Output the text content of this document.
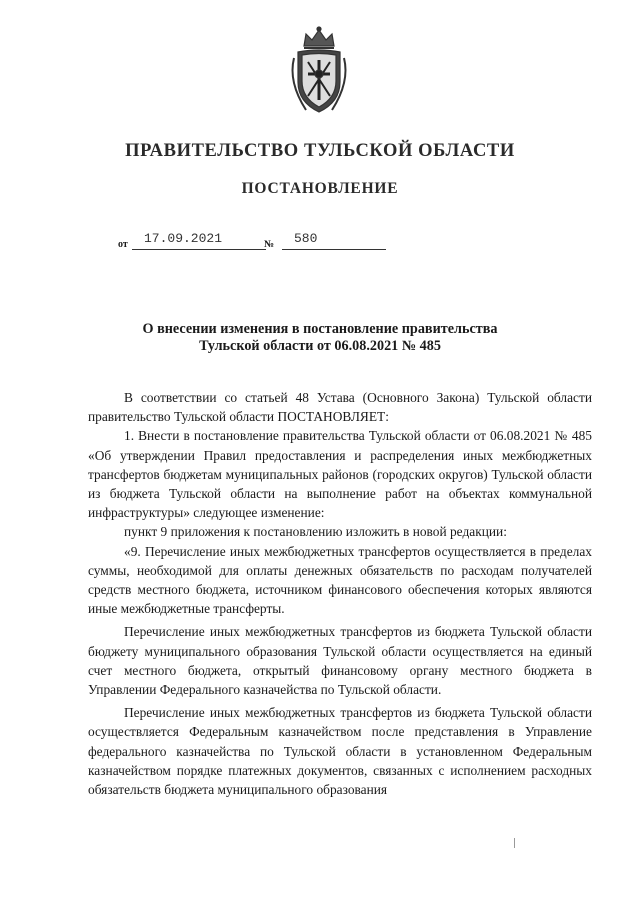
ПРАВИТЕЛЬСТВО ТУЛЬСКОЙ ОБЛАСТИ
ПОСТАНОВЛЕНИЕ
от	17.09.2021	№	580
О внесении изменения в постановление правительства
Тульской области от 06.08.2021 № 485

В соответствии со статьей 48 Устава (Основного Закона) Тульской области правительство Тульской области ПОСТАНОВЛЯЕТ:

1. Внести в постановление правительства Тульской области от 06.08.2021 № 485 «Об утверждении Правил предоставления и распределения иных межбюджетных трансфертов бюджетам муниципальных районов (городских округов) Тульской области из бюджета Тульской области на выполнение работ на объектах коммунальной инфраструктуры» следующее изменение:

пункт 9 приложения к постановлению изложить в новой редакции:

«9. Перечисление иных межбюджетных трансфертов осуществляется в пределах суммы, необходимой для оплаты денежных обязательств по расходам получателей средств местного бюджета, источником финансового обеспечения которых являются иные межбюджетные трансферты.

Перечисление иных межбюджетных трансфертов из бюджета Тульской области бюджету муниципального образования Тульской области осуществляется на единый счет местного бюджета, открытый финансовому органу местного бюджета в Управлении Федерального казначейства по Тульской области.

Перечисление иных межбюджетных трансфертов из бюджета Тульской области осуществляется Федеральным казначейством после представления в Управление федерального казначейства по Тульской области в установленном Федеральным казначейством порядке платежных документов, связанных с исполнением расходных обязательств бюджета муниципального образования
